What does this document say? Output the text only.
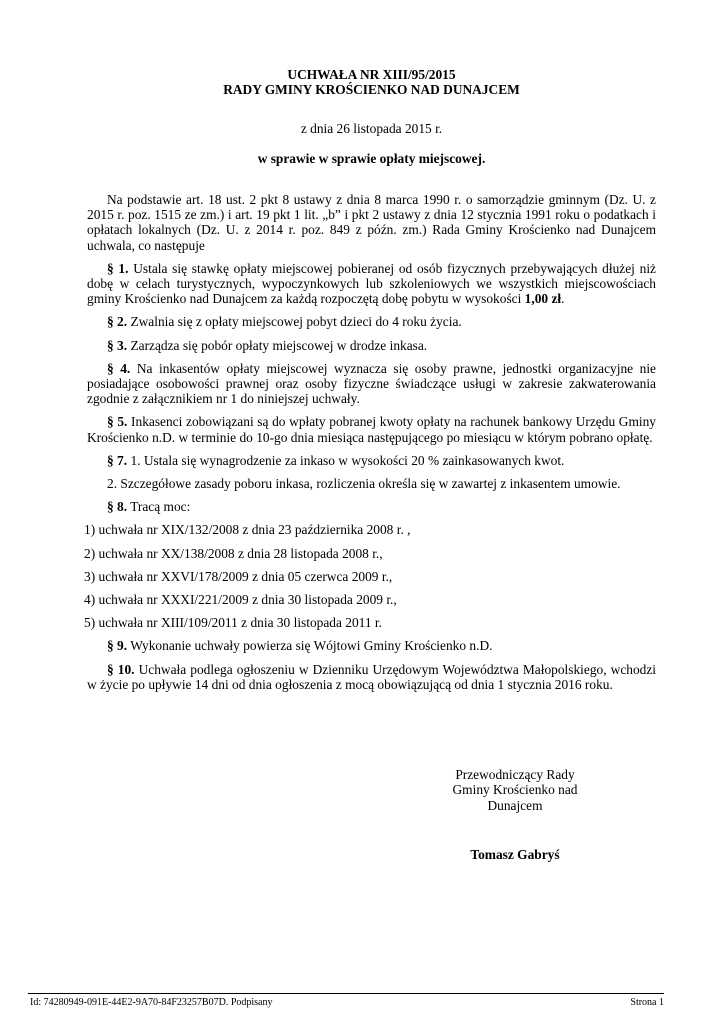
UCHWAŁA NR XIII/95/2015
RADY GMINY KROŚCIENKO NAD DUNAJCEM
z dnia 26 listopada 2015 r.
w sprawie w sprawie opłaty miejscowej.

Na podstawie art. 18 ust. 2 pkt 8 ustawy z dnia 8 marca 1990 r. o samorządzie gminnym (Dz. U. z 2015 r. poz. 1515 ze zm.) i art. 19 pkt 1 lit. „b” i pkt 2 ustawy z dnia 12 stycznia 1991 roku o podatkach i opłatach lokalnych (Dz. U. z 2014 r. poz. 849 z późn. zm.) Rada Gminy Krościenko nad Dunajcem uchwala, co następuje

§ 1. Ustala się stawkę opłaty miejscowej pobieranej od osób fizycznych przebywających dłużej niż dobę w celach turystycznych, wypoczynkowych lub szkoleniowych we wszystkich miejscowościach gminy Krościenko nad Dunajcem za każdą rozpoczętą dobę pobytu w wysokości 1,00 zł.

§ 2. Zwalnia się z opłaty miejscowej pobyt dzieci do 4 roku życia.

§ 3. Zarządza się pobór opłaty miejscowej w drodze inkasa.

§ 4. Na inkasentów opłaty miejscowej wyznacza się osoby prawne, jednostki organizacyjne nie posiadające osobowości prawnej oraz osoby fizyczne świadczące usługi w zakresie zakwaterowania zgodnie z załącznikiem nr 1 do niniejszej uchwały.

§ 5. Inkasenci zobowiązani są do wpłaty pobranej kwoty opłaty na rachunek bankowy Urzędu Gminy Krościenko n.D. w terminie do 10-go dnia miesiąca następującego po miesiącu w którym pobrano opłatę.

§ 7. 1. Ustala się wynagrodzenie za inkaso w wysokości 20 % zainkasowanych kwot.

2. Szczegółowe zasady poboru inkasa, rozliczenia określa się w zawartej z inkasentem umowie.

§ 8. Tracą moc:

1) uchwała nr XIX/132/2008 z dnia 23 października 2008 r. ,

2) uchwała nr XX/138/2008 z dnia 28 listopada 2008 r.,

3) uchwała nr XXVI/178/2009 z dnia 05 czerwca 2009 r.,

4) uchwała nr XXXI/221/2009 z dnia 30 listopada 2009 r.,

5) uchwała nr XIII/109/2011 z dnia 30 listopada 2011 r.

§ 9. Wykonanie uchwały powierza się Wójtowi Gminy Krościenko n.D.

§ 10. Uchwała podlega ogłoszeniu w Dzienniku Urzędowym Województwa Małopolskiego, wchodzi w życie po upływie 14 dni od dnia ogłoszenia z mocą obowiązującą od dnia 1 stycznia 2016 roku.

Przewodniczący Rady
Gminy Krościenko nad
Dunajcem
Tomasz Gabryś
Id: 74280949-091E-44E2-9A70-84F23257B07D. Podpisany	Strona 1
